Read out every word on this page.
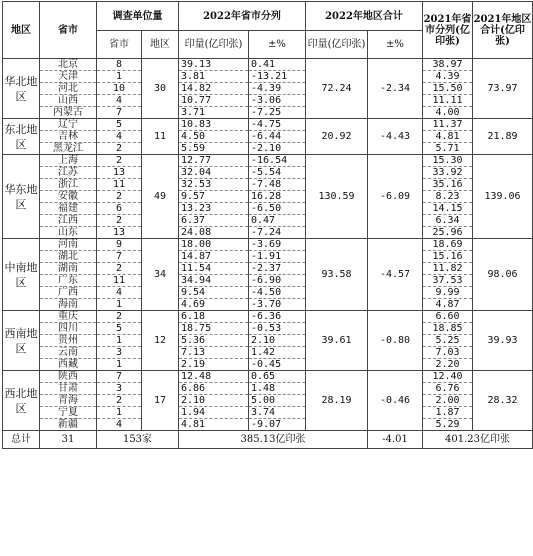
地区	省市	调查单位量		2022年省市分列		2022年地区合计		2021年省市分列(亿印张)	2021年地区合计(亿印张)
		省市	地区	印量(亿印张)	±%	印量(亿印张)	±%		
华北地区	北京	8	30	39.13	0.41	72.24	-2.34	38.97	73.97
	天津	1		3.81	-13.21			4.39	
	河北	10		14.82	-4.39			15.50	
	山西	4		10.77	-3.06			11.11	
	内蒙古	7		3.71	-7.25			4.00	
东北地区	辽宁	5	11	10.83	-4.75	20.92	-4.43	11.37	21.89
	吉林	4		4.50	-6.44			4.81	
	黑龙江	2		5.59	-2.10			5.71	
华东地区	上海	2	49	12.77	-16.54	130.59	-6.09	15.30	139.06
	江苏	13		32.04	-5.54			33.92	
	浙江	11		32.53	-7.48			35.16	
	安徽	2		9.57	16.28			8.23	
	福建	6		13.23	-6.50			14.15	
	江西	2		6.37	0.47			6.34	
	山东	13		24.08	-7.24			25.96	
中南地区	河南	9	34	18.00	-3.69	93.58	-4.57	18.69	98.06
	湖北	7		14.87	-1.91			15.16	
	湖南	2		11.54	-2.37			11.82	
	广东	11		34.94	-6.90			37.53	
	广西	4		9.54	-4.50			9.99	
	海南	1		4.69	-3.70			4.87	
西南地区	重庆	2	12	6.18	-6.36	39.61	-0.80	6.60	39.93
	四川	5		18.75	-0.53			18.85	
	贵州	1		5.36	2.10			5.25	
	云南	3		7.13	1.42			7.03	
	西藏	1		2.19	-0.45			2.20	
西北地区	陕西	7	17	12.48	0.65	28.19	-0.46	12.40	28.32
	甘肃	3		6.86	1.48			6.76	
	青海	2		2.10	5.00			2.00	
	宁夏	1		1.94	3.74			1.87	
	新疆	4		4.81	-9.07			5.29	
总计	31	153家		385.13亿印张			-4.01	401.23亿印张	
